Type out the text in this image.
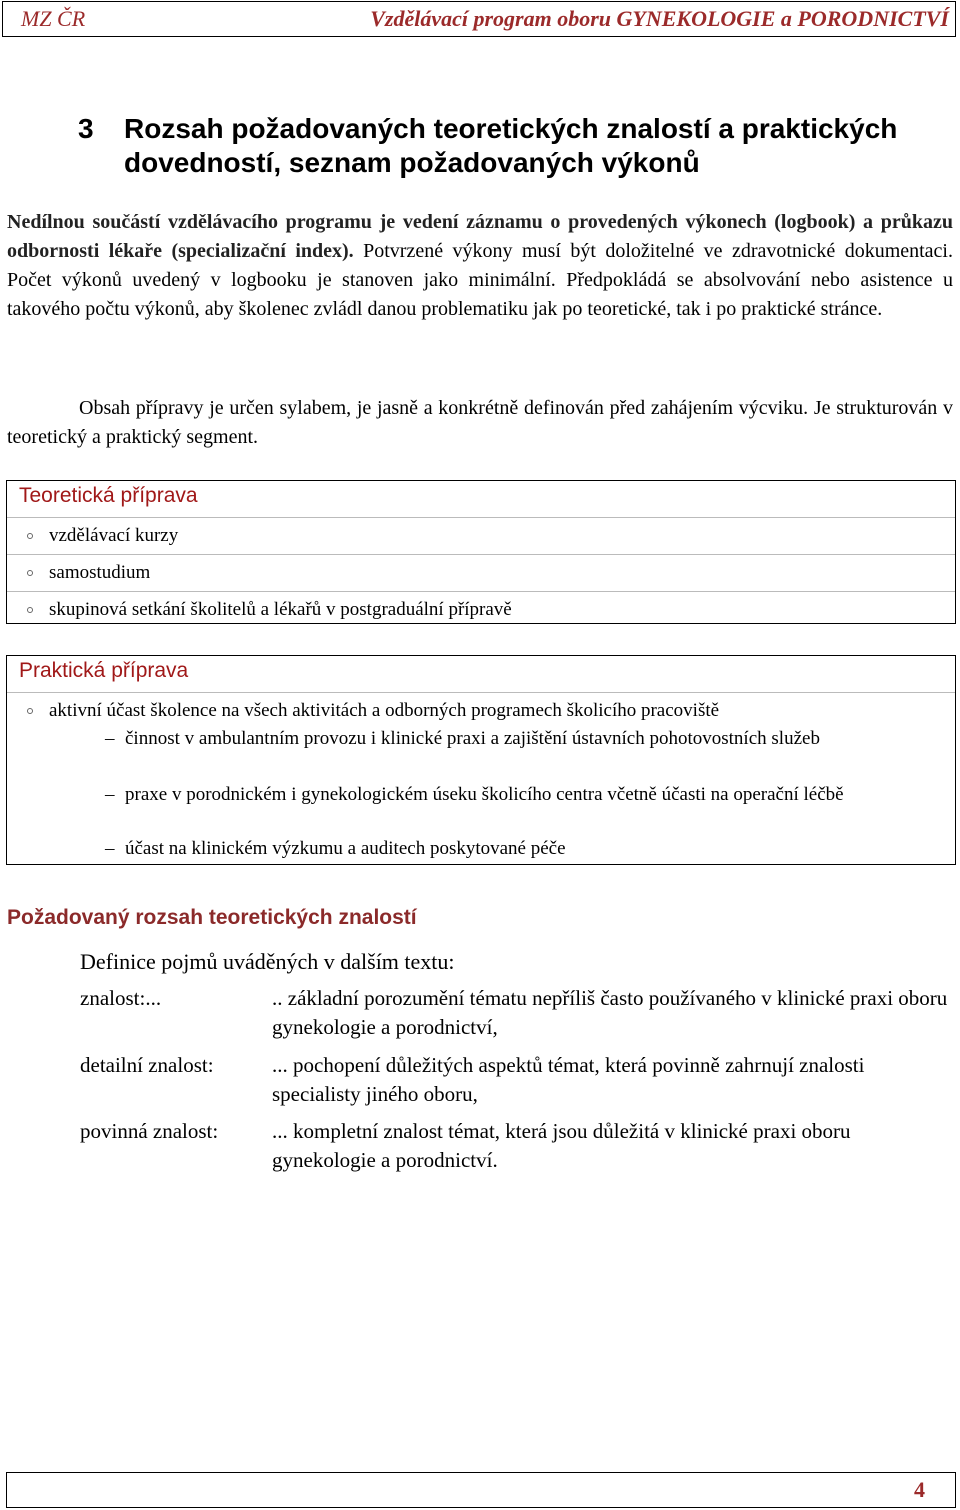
MZ ČR	Vzdělávací program oboru GYNEKOLOGIE a PORODNICTVÍ
3	Rozsah požadovaných teoretických znalostí a praktických dovedností, seznam požadovaných výkonů
Nedílnou součástí vzdělávacího programu je vedení záznamu o provedených výkonech (logbook) a průkazu odbornosti lékaře (specializační index). Potvrzené výkony musí být doložitelné ve zdravotnické dokumentaci. Počet výkonů uvedený v logbooku je stanoven jako minimální. Předpokládá se absolvování nebo asistence u takového počtu výkonů, aby školenec zvládl danou problematiku jak po teoretické, tak i po praktické stránce.
Obsah přípravy je určen sylabem, je jasně a konkrétně definován před zahájením výcviku. Je strukturován v teoretický a praktický segment.
Teoretická příprava
vzdělávací kurzy
samostudium
skupinová setkání školitelů a lékařů v postgraduální přípravě
Praktická příprava
aktivní účast školence na všech aktivitách a odborných programech školicího pracoviště
– činnost v ambulantním provozu i klinické praxi a zajištění ústavních pohotovostních služeb
– praxe v porodnickém i gynekologickém úseku školicího centra včetně účasti na operační léčbě
– účast na klinickém výzkumu a auditech poskytované péče
Požadovaný rozsah teoretických znalostí
Definice pojmů uváděných v dalším textu:
znalost:...	.. základní porozumění tématu nepříliš často používaného v klinické praxi oboru gynekologie a porodnictví,
detailní znalost:	... pochopení důležitých aspektů témat, která povinně zahrnují znalosti specialisty jiného oboru,
povinná znalost:	... kompletní znalost témat, která jsou důležitá v klinické praxi oboru gynekologie a porodnictví.
4
